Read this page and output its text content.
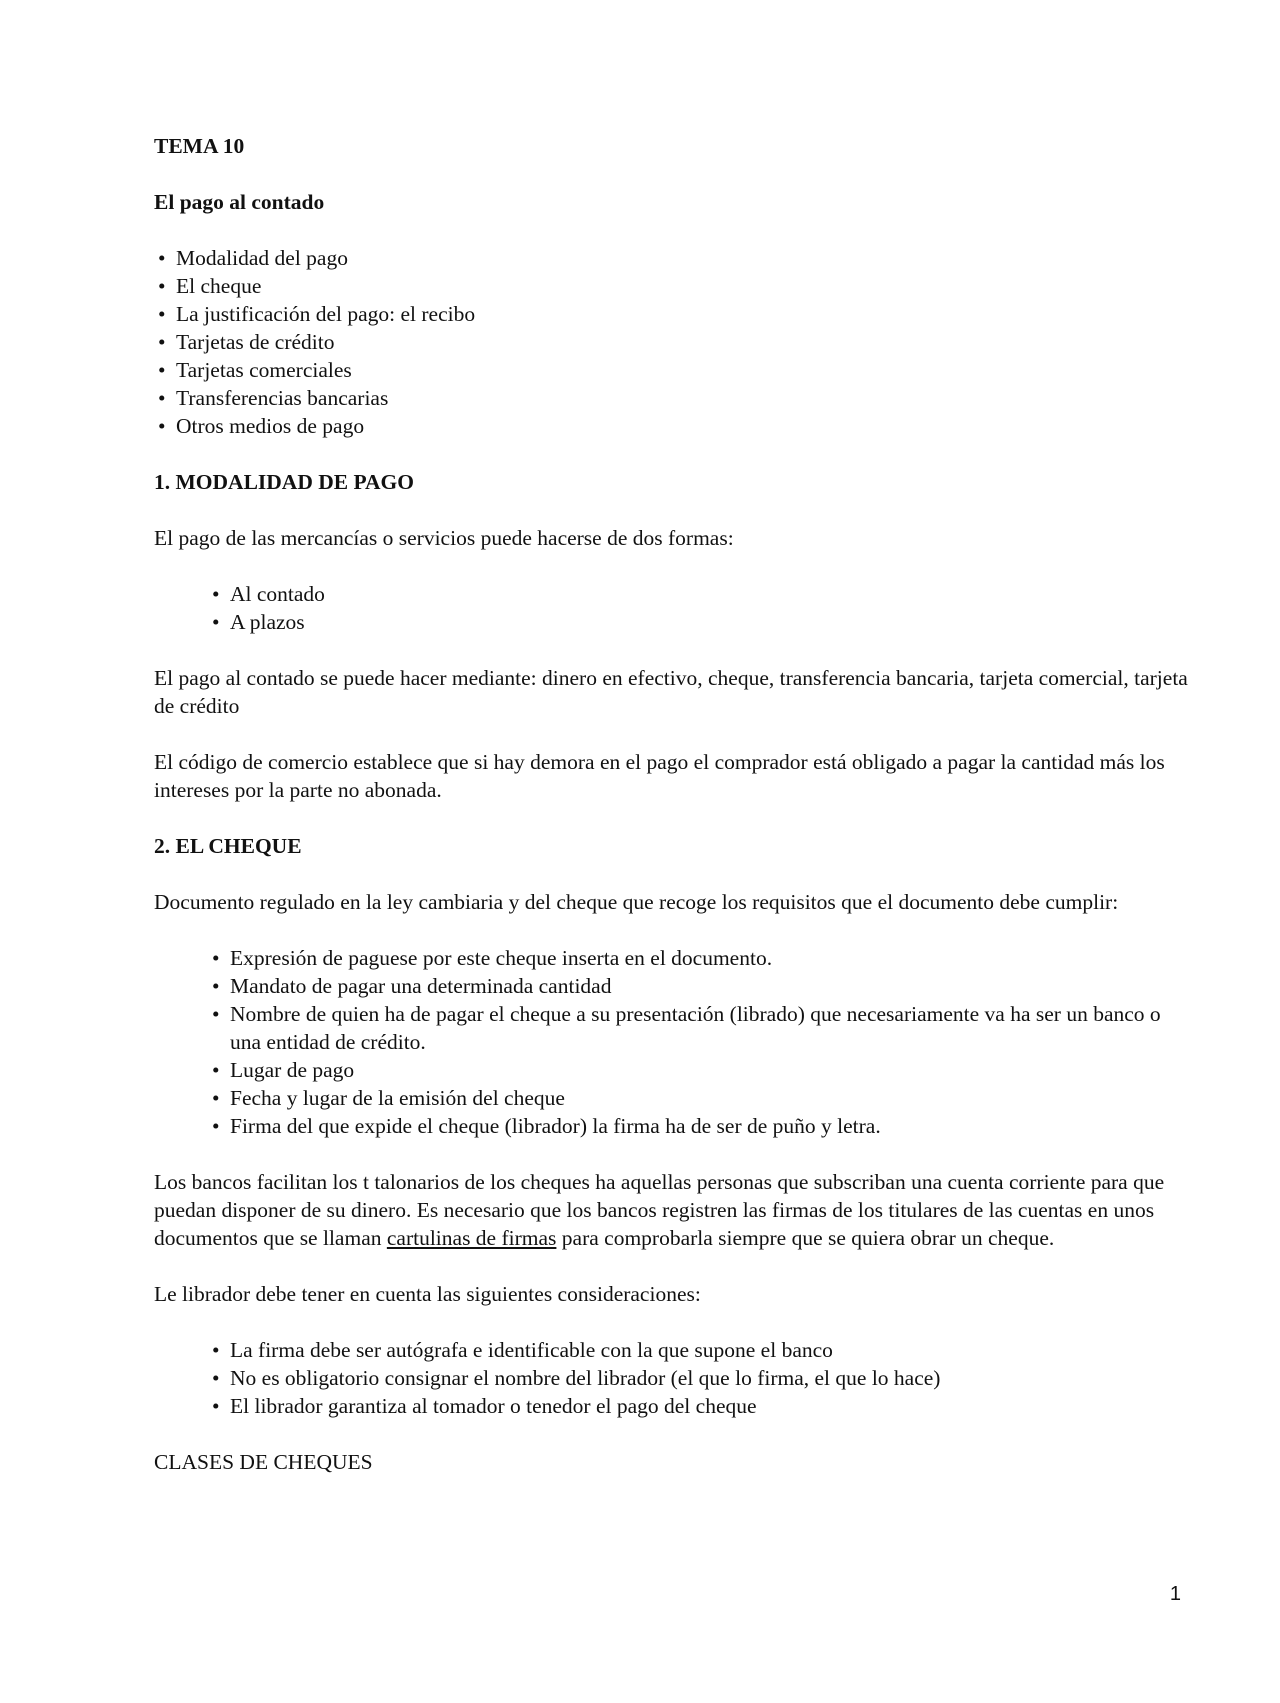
TEMA 10

El pago al contado

• Modalidad del pago
• El cheque
• La justificación del pago: el recibo
• Tarjetas de crédito
• Tarjetas comerciales
• Transferencias bancarias
• Otros medios de pago

1. MODALIDAD DE PAGO

El pago de las mercancías o servicios puede hacerse de dos formas:

• Al contado
• A plazos

El pago al contado se puede hacer mediante: dinero en efectivo, cheque, transferencia bancaria, tarjeta comercial, tarjeta de crédito

El código de comercio establece que si hay demora en el pago el comprador está obligado a pagar la cantidad más los intereses por la parte no abonada.

2. EL CHEQUE

Documento regulado en la ley cambiaria y del cheque que recoge los requisitos que el documento debe cumplir:

• Expresión de paguese por este cheque inserta en el documento.
• Mandato de pagar una determinada cantidad
• Nombre de quien ha de pagar el cheque a su presentación (librado) que necesariamente va ha ser un banco o una entidad de crédito.
• Lugar de pago
• Fecha y lugar de la emisión del cheque
• Firma del que expide el cheque (librador) la firma ha de ser de puño y letra.

Los bancos facilitan los t talonarios de los cheques ha aquellas personas que subscriban una cuenta corriente para que puedan disponer de su dinero. Es necesario que los bancos registren las firmas de los titulares de las cuentas en unos documentos que se llaman cartulinas de firmas para comprobarla siempre que se quiera obrar un cheque.

Le librador debe tener en cuenta las siguientes consideraciones:

• La firma debe ser autógrafa e identificable con la que supone el banco
• No es obligatorio consignar el nombre del librador (el que lo firma, el que lo hace)
• El librador garantiza al tomador o tenedor el pago del cheque

CLASES DE CHEQUES

1
